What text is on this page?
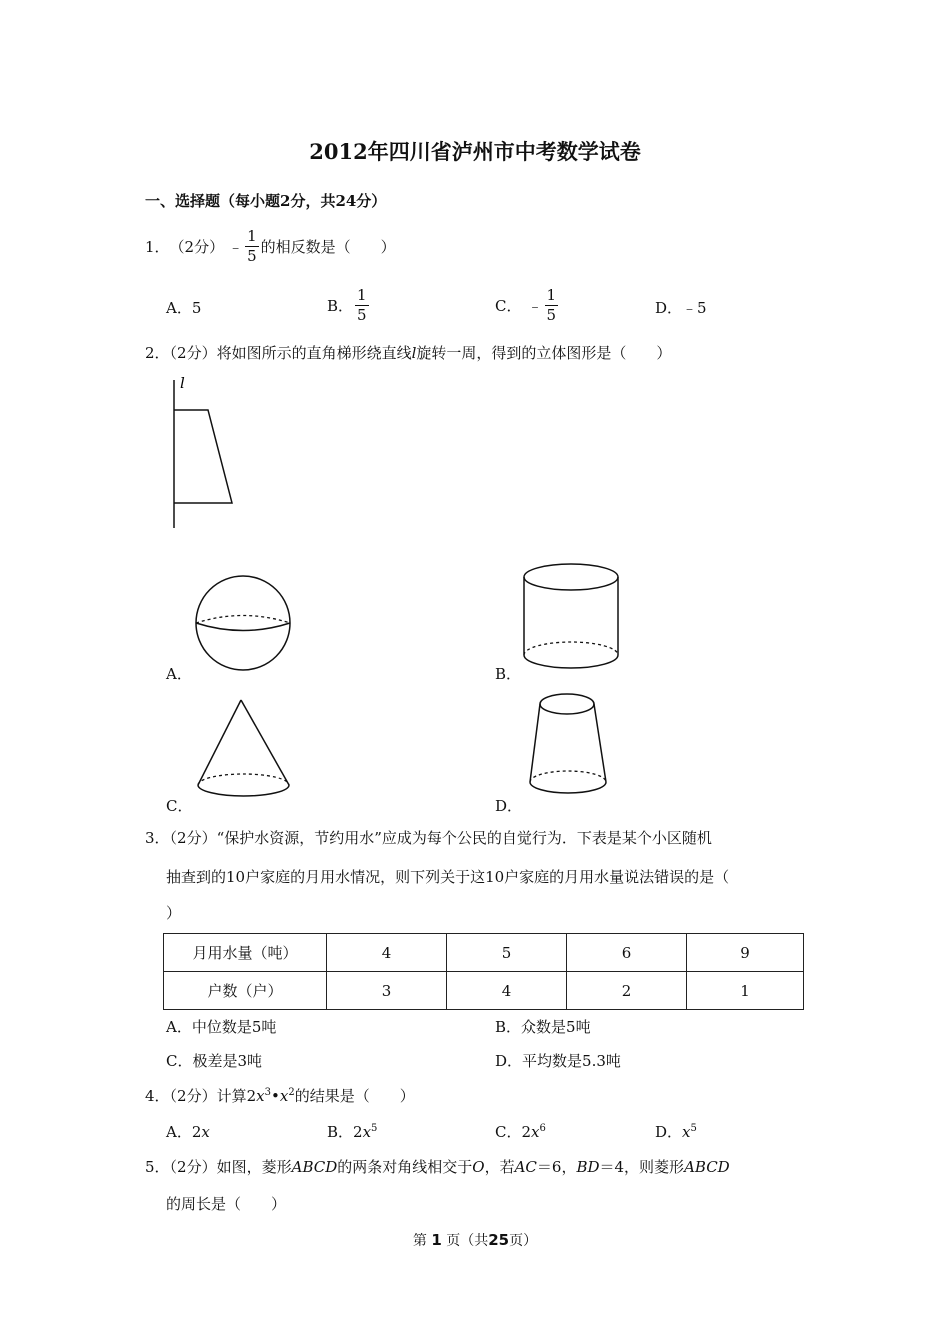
2012年四川省泸州市中考数学试卷
一、选择题（每小题2分，共24分）
1． （2分） ﹣ $\frac{1}{5}$ 的相反数是（　　）
A．5	B． $\frac{1}{5}$	C． ﹣ $\frac{1}{5}$	D．﹣5
2．（2分）将如图所示的直角梯形绕直线l旋转一周，得到的立体图形是（　　）
l
A．	B．
C．	D．
3．（2分）“保护水资源，节约用水”应成为每个公民的自觉行为．下表是某个小区随机
抽查到的10户家庭的月用水情况，则下列关于这10户家庭的月用水量说法错误的是（
）
月用水量（吨）	4	5	6	9
户数（户）	3	4	2	1
A．中位数是5吨	B．众数是5吨
C．极差是3吨	D．平均数是5.3吨
4．（2分）计算$2x^3•x^2$的结果是（　　）
A．2x	B．$2x^5$	C．$2x^6$	D．$x^5$
5．（2分）如图，菱形ABCD的两条对角线相交于O，若AC＝6，BD＝4，则菱形ABCD
的周长是（　　）
第 1 页（共25页）
